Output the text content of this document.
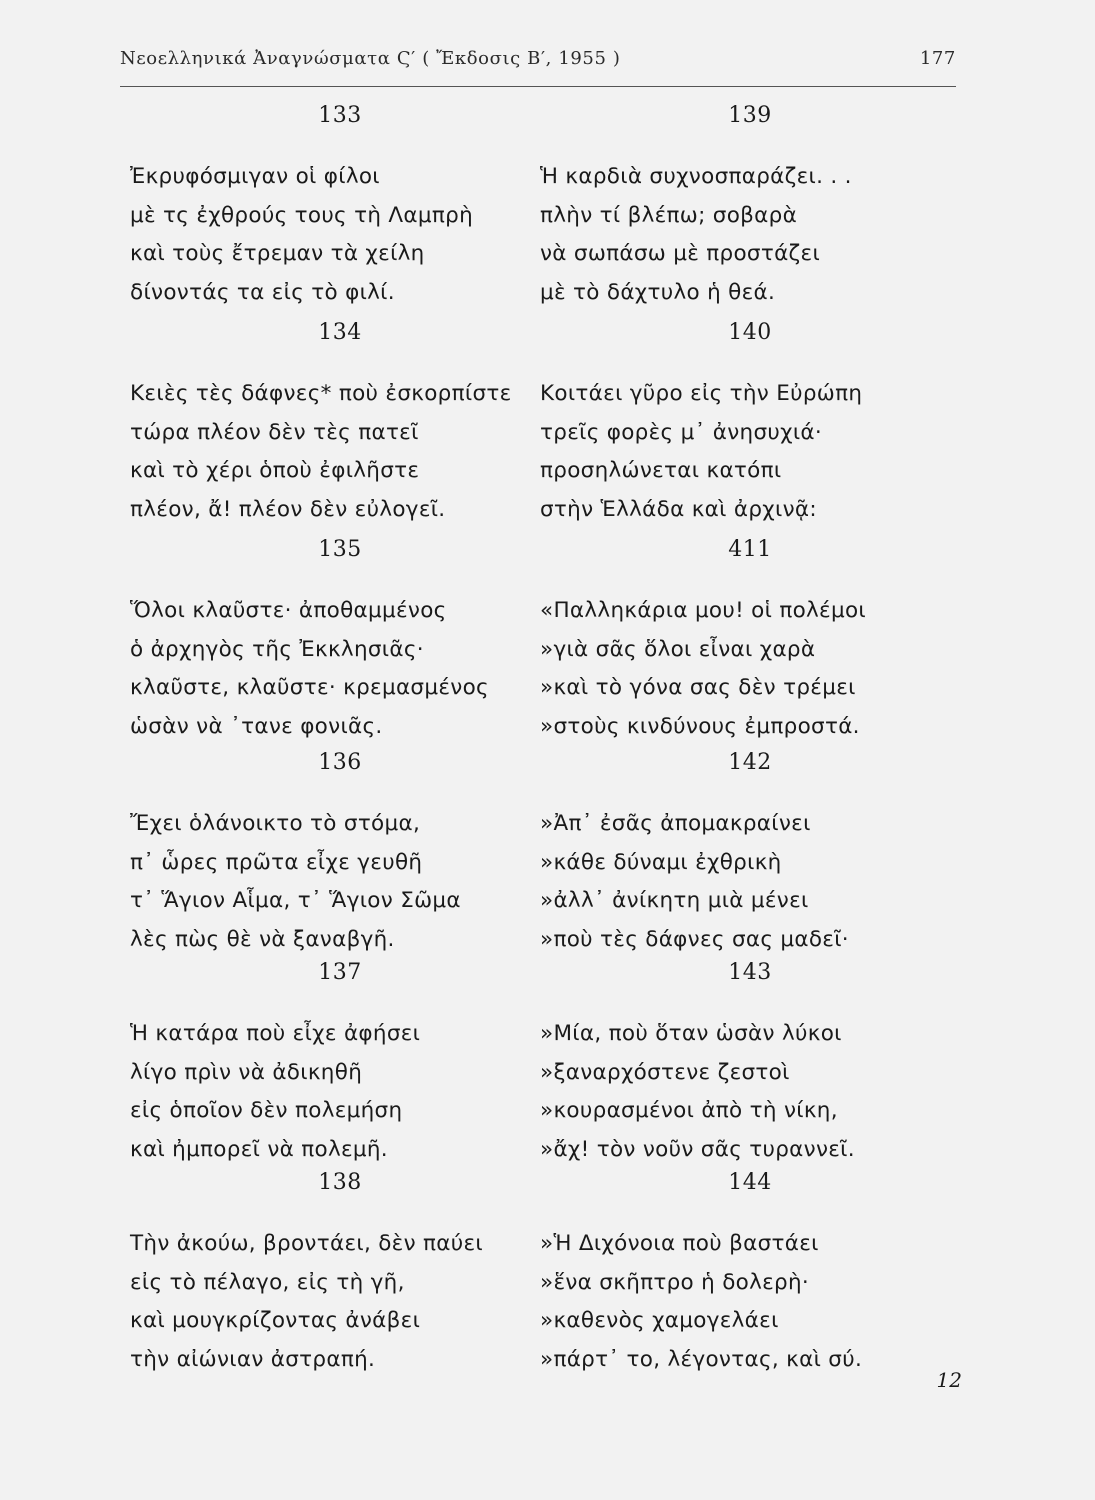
Νεοελληνικά Ἀναγνώσματα Ϛ′ ( Ἔκδοσις Β′, 1955 )	177
133
Ἐκρυφόσμιγαν οἱ φίλοι
μὲ τς ἐχθρούς τους τὴ Λαμπρὴ
καὶ τοὺς ἔτρεμαν τὰ χείλη
δίνοντάς τα εἰς τὸ φιλί.
139
Ἡ καρδιὰ συχνοσπαράζει. . .
πλὴν τί βλέπω; σοβαρὰ
νὰ σωπάσω μὲ προστάζει
μὲ τὸ δάχτυλο ἡ θεά.
134
Κειὲς τὲς δάφνες* ποὺ ἐσκορπίστε
τώρα πλέον δὲν τὲς πατεῖ
καὶ τὸ χέρι ὁποὺ ἐφιλῆστε
πλέον, ἄ! πλέον δὲν εὐλογεῖ.
140
Κοιτάει γῦρο εἰς τὴν Εὐρώπη
τρεῖς φορὲς μ᾽ ἀνησυχιά·
προσηλώνεται κατόπι
στὴν Ἑλλάδα καὶ ἀρχινᾷ:
135
Ὅλοι κλαῦστε· ἀποθαμμένος
ὁ ἀρχηγὸς τῆς Ἐκκλησιᾶς·
κλαῦστε, κλαῦστε· κρεμασμένος
ὡσὰν νὰ ᾽τανε φονιᾶς.
411
«Παλληκάρια μου! οἱ πολέμοι
»γιὰ σᾶς ὅλοι εἶναι χαρὰ
»καὶ τὸ γόνα σας δὲν τρέμει
»στοὺς κινδύνους ἐμπροστά.
136
Ἔχει ὁλάνοικτο τὸ στόμα,
π᾽ ὧρες πρῶτα εἶχε γευθῆ
τ᾽ Ἅγιον Αἷμα, τ᾽ Ἅγιον Σῶμα
λὲς πὼς θὲ νὰ ξαναβγῆ.
142
»Ἀπ᾽ ἐσᾶς ἀπομακραίνει
»κάθε δύναμι ἐχθρικὴ
»ἀλλ᾽ ἀνίκητη μιὰ μένει
»ποὺ τὲς δάφνες σας μαδεῖ·
137
Ἡ κατάρα ποὺ εἶχε ἀφήσει
λίγο πρὶν νὰ ἀδικηθῆ
εἰς ὁποῖον δὲν πολεμήση
καὶ ἠμπορεῖ νὰ πολεμῆ.
143
»Μία, ποὺ ὅταν ὡσὰν λύκοι
»ξαναρχόστενε ζεστοὶ
»κουρασμένοι ἀπὸ τὴ νίκη,
»ἄχ! τὸν νοῦν σᾶς τυραννεῖ.
138
Τὴν ἀκούω, βροντάει, δὲν παύει
εἰς τὸ πέλαγο, εἰς τὴ γῆ,
καὶ μουγκρίζοντας ἀνάβει
τὴν αἰώνιαν ἀστραπή.
144
»Ἡ Διχόνοια ποὺ βαστάει
»ἕνα σκῆπτρο ἡ δολερὴ·
»καθενὸς χαμογελάει
»πάρτ᾽ το, λέγοντας, καὶ σύ.
12
